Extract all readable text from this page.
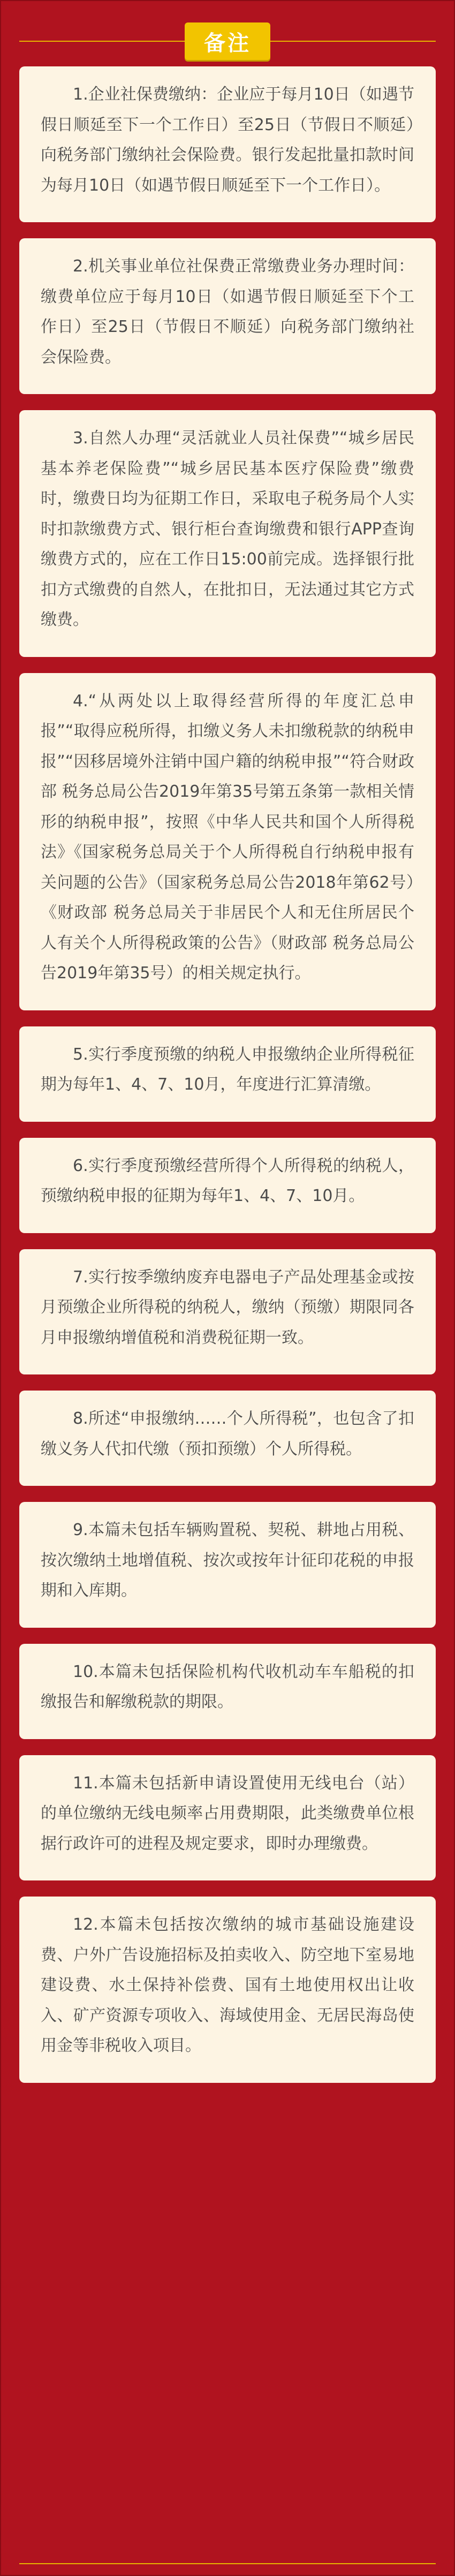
备注

1.企业社保费缴纳：企业应于每月10日（如遇节假日顺延至下一个工作日）至25日（节假日不顺延）向税务部门缴纳社会保险费。银行发起批量扣款时间为每月10日（如遇节假日顺延至下一个工作日）。

2.机关事业单位社保费正常缴费业务办理时间：缴费单位应于每月10日（如遇节假日顺延至下个工作日）至25日（节假日不顺延）向税务部门缴纳社会保险费。

3.自然人办理“灵活就业人员社保费”“城乡居民基本养老保险费”“城乡居民基本医疗保险费”缴费时，缴费日均为征期工作日，采取电子税务局个人实时扣款缴费方式、银行柜台查询缴费和银行APP查询缴费方式的，应在工作日15:00前完成。选择银行批扣方式缴费的自然人，在批扣日，无法通过其它方式缴费。

4.“从两处以上取得经营所得的年度汇总申报”“取得应税所得，扣缴义务人未扣缴税款的纳税申报”“因移居境外注销中国户籍的纳税申报”“符合财政部 税务总局公告2019年第35号第五条第一款相关情形的纳税申报”，按照《中华人民共和国个人所得税法》《国家税务总局关于个人所得税自行纳税申报有关问题的公告》（国家税务总局公告2018年第62号）《财政部 税务总局关于非居民个人和无住所居民个人有关个人所得税政策的公告》（财政部 税务总局公告2019年第35号）的相关规定执行。

5.实行季度预缴的纳税人申报缴纳企业所得税征期为每年1、4、7、10月，年度进行汇算清缴。

6.实行季度预缴经营所得个人所得税的纳税人，预缴纳税申报的征期为每年1、4、7、10月。

7.实行按季缴纳废弃电器电子产品处理基金或按月预缴企业所得税的纳税人，缴纳（预缴）期限同各月申报缴纳增值税和消费税征期一致。

8.所述“申报缴纳……个人所得税”，也包含了扣缴义务人代扣代缴（预扣预缴）个人所得税。

9.本篇未包括车辆购置税、契税、耕地占用税、按次缴纳土地增值税、按次或按年计征印花税的申报期和入库期。

10.本篇未包括保险机构代收机动车车船税的扣缴报告和解缴税款的期限。

11.本篇未包括新申请设置使用无线电台（站）的单位缴纳无线电频率占用费期限，此类缴费单位根据行政许可的进程及规定要求，即时办理缴费。

12.本篇未包括按次缴纳的城市基础设施建设费、户外广告设施招标及拍卖收入、防空地下室易地建设费、水土保持补偿费、国有土地使用权出让收入、矿产资源专项收入、海域使用金、无居民海岛使用金等非税收入项目。
